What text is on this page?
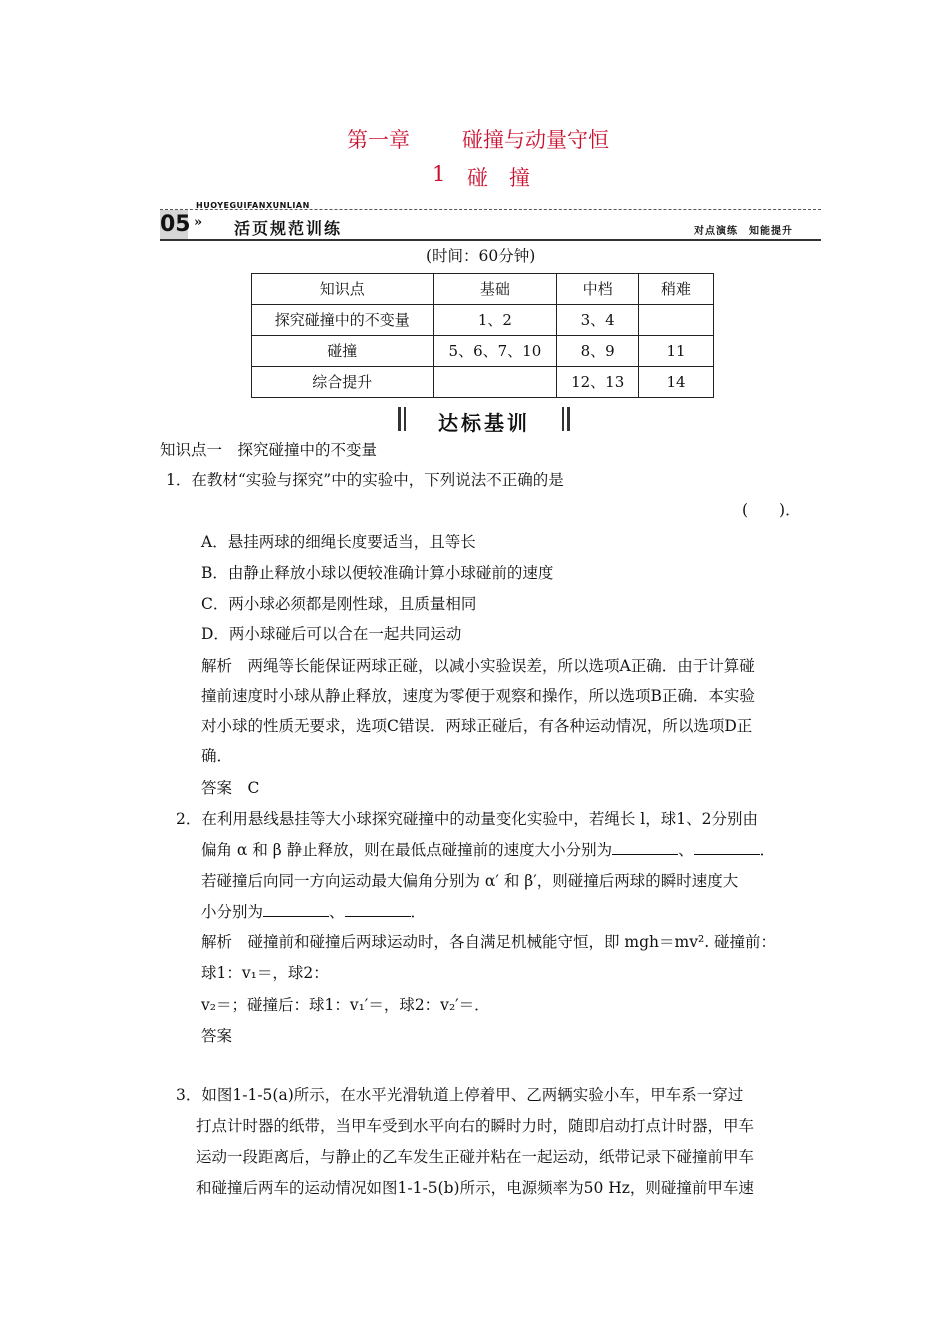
第一章 碰撞与动量守恒
1 碰　撞
HUOYEGUIFANXUNLIAN
05 » 活页规范训练	对点演练　知能提升
(时间：60分钟)
知识点	基础	中档	稍难
探究碰撞中的不变量	1、2	3、4	
碰撞	5、6、7、10	8、9	11
综合提升		12、13	14
达标基训
知识点一　探究碰撞中的不变量
1．在教材“实验与探究”中的实验中，下列说法不正确的是
(　　)．
A．悬挂两球的细绳长度要适当，且等长
B．由静止释放小球以便较准确计算小球碰前的速度
C．两小球必须都是刚性球，且质量相同
D．两小球碰后可以合在一起共同运动
解析　两绳等长能保证两球正碰，以减小实验误差，所以选项A正确．由于计算碰
撞前速度时小球从静止释放，速度为零便于观察和操作，所以选项B正确．本实验
对小球的性质无要求，选项C错误．两球正碰后，有各种运动情况，所以选项D正
确．
答案　C
2．在利用悬线悬挂等大小球探究碰撞中的动量变化实验中，若绳长 l，球1、2分别由
偏角 α 和 β 静止释放，则在最低点碰撞前的速度大小分别为	、	．
若碰撞后向同一方向运动最大偏角分别为 α′ 和 β′，则碰撞后两球的瞬时速度大
小分别为	、	．
解析　碰撞前和碰撞后两球运动时，各自满足机械能守恒，即 mgh＝mv². 碰撞前：
球1：v₁＝，球2：
v₂＝；碰撞后：球1：v₁′＝，球2：v₂′＝．
答案
3．如图1-1-5(a)所示，在水平光滑轨道上停着甲、乙两辆实验小车，甲车系一穿过
打点计时器的纸带，当甲车受到水平向右的瞬时力时，随即启动打点计时器，甲车
运动一段距离后，与静止的乙车发生正碰并粘在一起运动，纸带记录下碰撞前甲车
和碰撞后两车的运动情况如图1-1-5(b)所示，电源频率为50 Hz，则碰撞前甲车速
